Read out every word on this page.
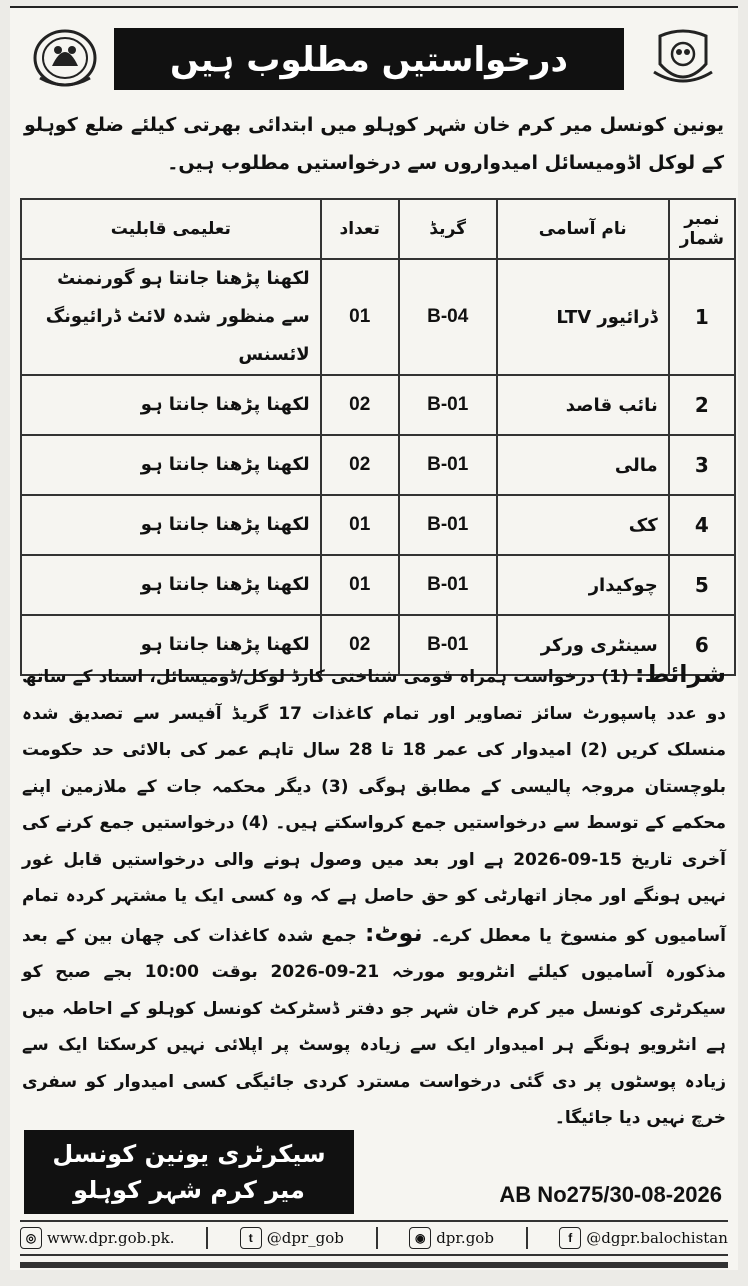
درخواستیں مطلوب ہیں
یونین کونسل میر کرم خان شہر کوہلو میں ابتدائی بھرتی کیلئے ضلع کوہلو کے لوکل اڈومیسائل امیدواروں سے درخواستیں مطلوب ہیں۔
نمبر شمار	نام آسامی	گریڈ	تعداد	تعلیمی قابلیت
1	ڈرائیور LTV	B-04	01	لکھنا پڑھنا جانتا ہو گورنمنٹ سے منظور شدہ لائٹ ڈرائیونگ لائسنس
2	نائب قاصد	B-01	02	لکھنا پڑھنا جانتا ہو
3	مالی	B-01	02	لکھنا پڑھنا جانتا ہو
4	کک	B-01	01	لکھنا پڑھنا جانتا ہو
5	چوکیدار	B-01	01	لکھنا پڑھنا جانتا ہو
6	سینٹری ورکر	B-01	02	لکھنا پڑھنا جانتا ہو
شرائط: (1) درخواست ہمراہ قومی شناختی کارڈ لوکل/ڈومیسائل، اسناد کے ساتھ دو عدد پاسپورٹ سائز تصاویر اور تمام کاغذات 17 گریڈ آفیسر سے تصدیق شدہ منسلک کریں (2) امیدوار کی عمر 18 تا 28 سال تاہم عمر کی بالائی حد حکومت بلوچستان مروجہ پالیسی کے مطابق ہوگی (3) دیگر محکمہ جات کے ملازمین اپنے محکمے کے توسط سے درخواستیں جمع کرواسکتے ہیں۔ (4) درخواستیں جمع کرنے کی آخری تاریخ 15-09-2026 ہے اور بعد میں وصول ہونے والی درخواستیں قابل غور نہیں ہونگے اور مجاز اتھارٹی کو حق حاصل ہے کہ وہ کسی ایک یا مشتہر کردہ تمام آسامیوں کو منسوخ یا معطل کرے۔ نوٹ: جمع شدہ کاغذات کی چھان بین کے بعد مذکورہ آسامیوں کیلئے انٹرویو مورخہ 21-09-2026 بوقت 10:00 بجے صبح کو سیکرٹری کونسل میر کرم خان شہر جو دفتر ڈسٹرکٹ کونسل کوہلو کے احاطہ میں ہے انٹرویو ہونگے ہر امیدوار ایک سے زیادہ پوسٹ پر اپلائی نہیں کرسکتا ایک سے زیادہ پوسٹوں پر دی گئی درخواست مسترد کردی جائیگی کسی امیدوار کو سفری خرچ نہیں دیا جائیگا۔
سیکرٹری یونین کونسل
میر کرم شہر کوہلو	AB No275/30-08-2026
◎ www.dpr.gob.pk.	t @dpr_gob	◉ dpr.gob	f @dgpr.balochistan
